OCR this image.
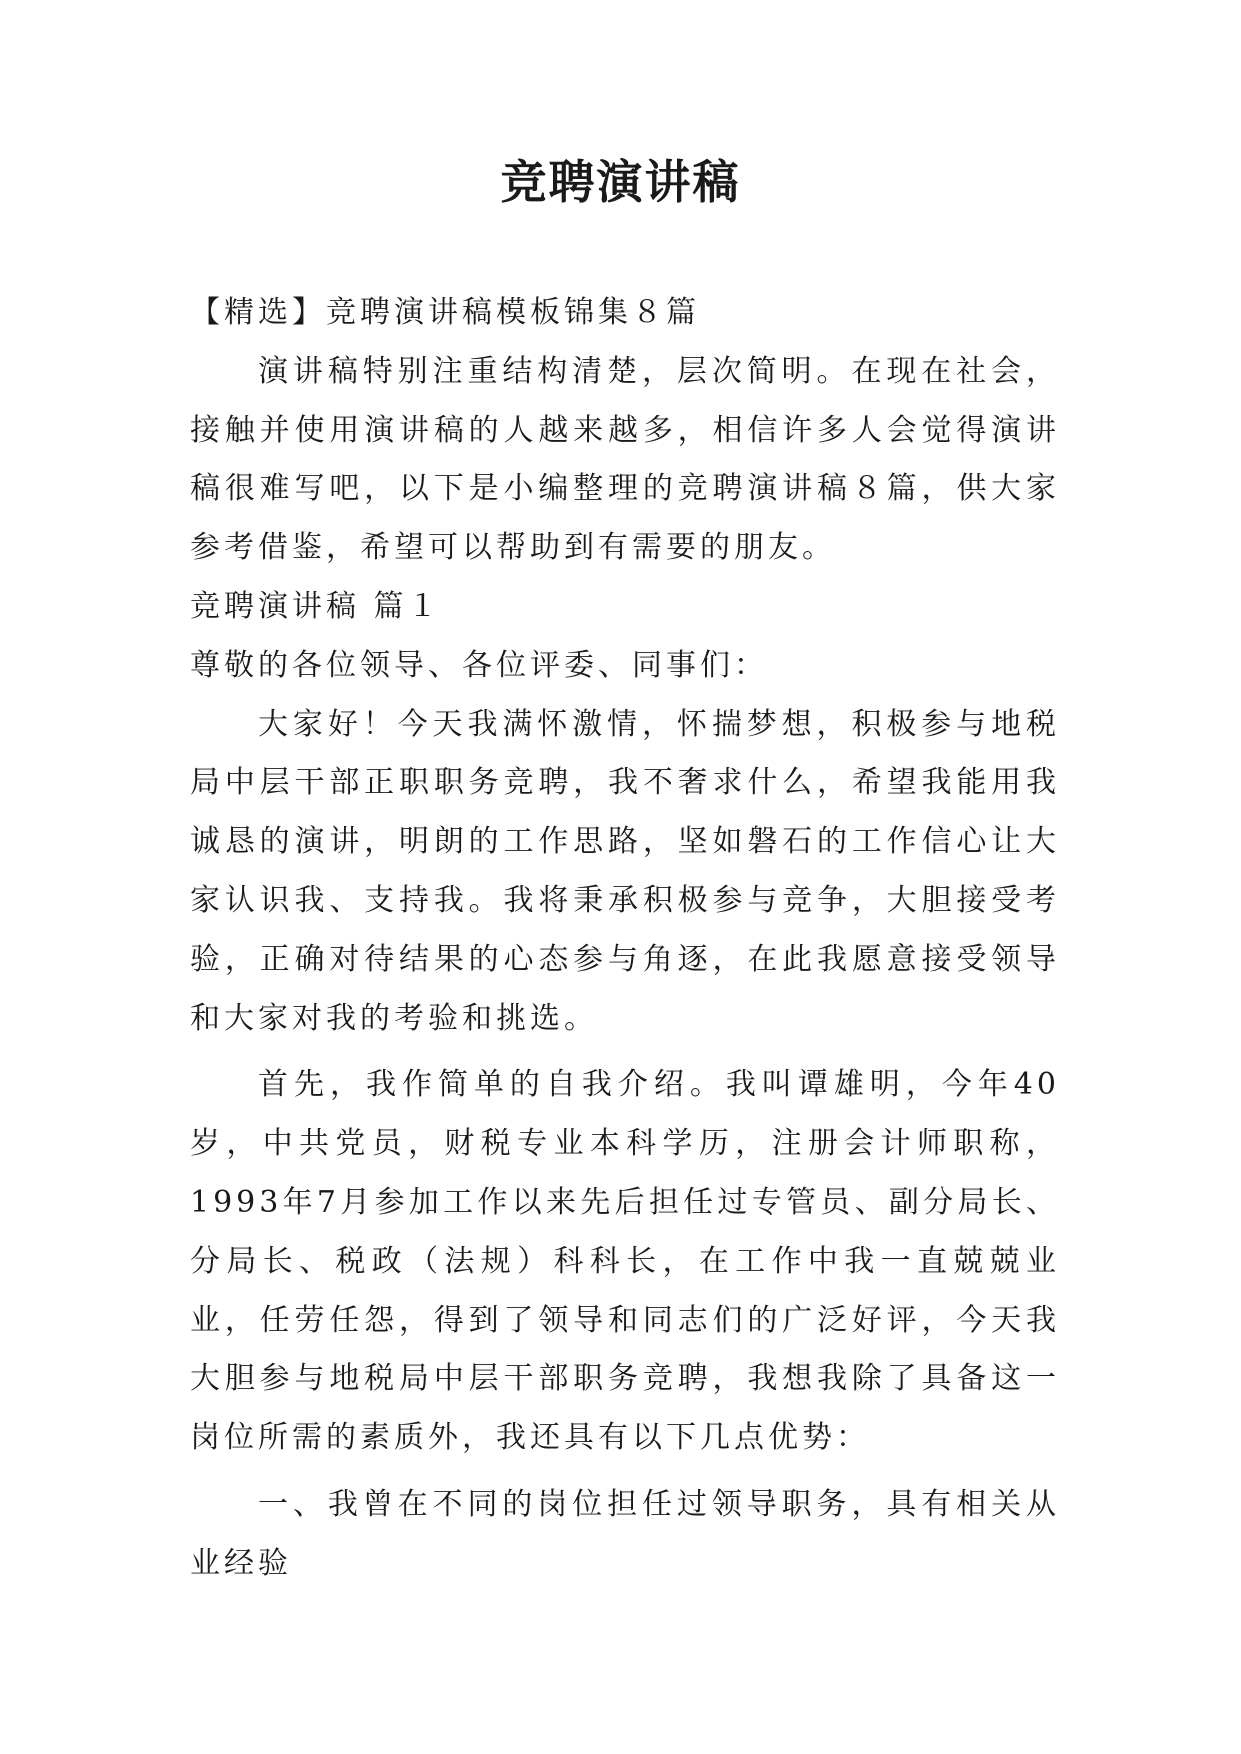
竞聘演讲稿

【精选】竞聘演讲稿模板锦集８篇

演讲稿特别注重结构清楚，层次简明。在现在社会，接触并使用演讲稿的人越来越多，相信许多人会觉得演讲稿很难写吧，以下是小编整理的竞聘演讲稿８篇，供大家参考借鉴，希望可以帮助到有需要的朋友。

竞聘演讲稿 篇１

尊敬的各位领导、各位评委、同事们：

大家好！今天我满怀激情，怀揣梦想，积极参与地税局中层干部正职职务竞聘，我不奢求什么，希望我能用我诚恳的演讲，明朗的工作思路，坚如磐石的工作信心让大家认识我、支持我。我将秉承积极参与竞争，大胆接受考验，正确对待结果的心态参与角逐，在此我愿意接受领导和大家对我的考验和挑选。

首先，我作简单的自我介绍。我叫谭雄明，今年40岁，中共党员，财税专业本科学历，注册会计师职称，1993年7月参加工作以来先后担任过专管员、副分局长、分局长、税政（法规）科科长，在工作中我一直兢兢业业，任劳任怨，得到了领导和同志们的广泛好评，今天我大胆参与地税局中层干部职务竞聘，我想我除了具备这一岗位所需的素质外，我还具有以下几点优势：

一、我曾在不同的岗位担任过领导职务，具有相关从业经验
